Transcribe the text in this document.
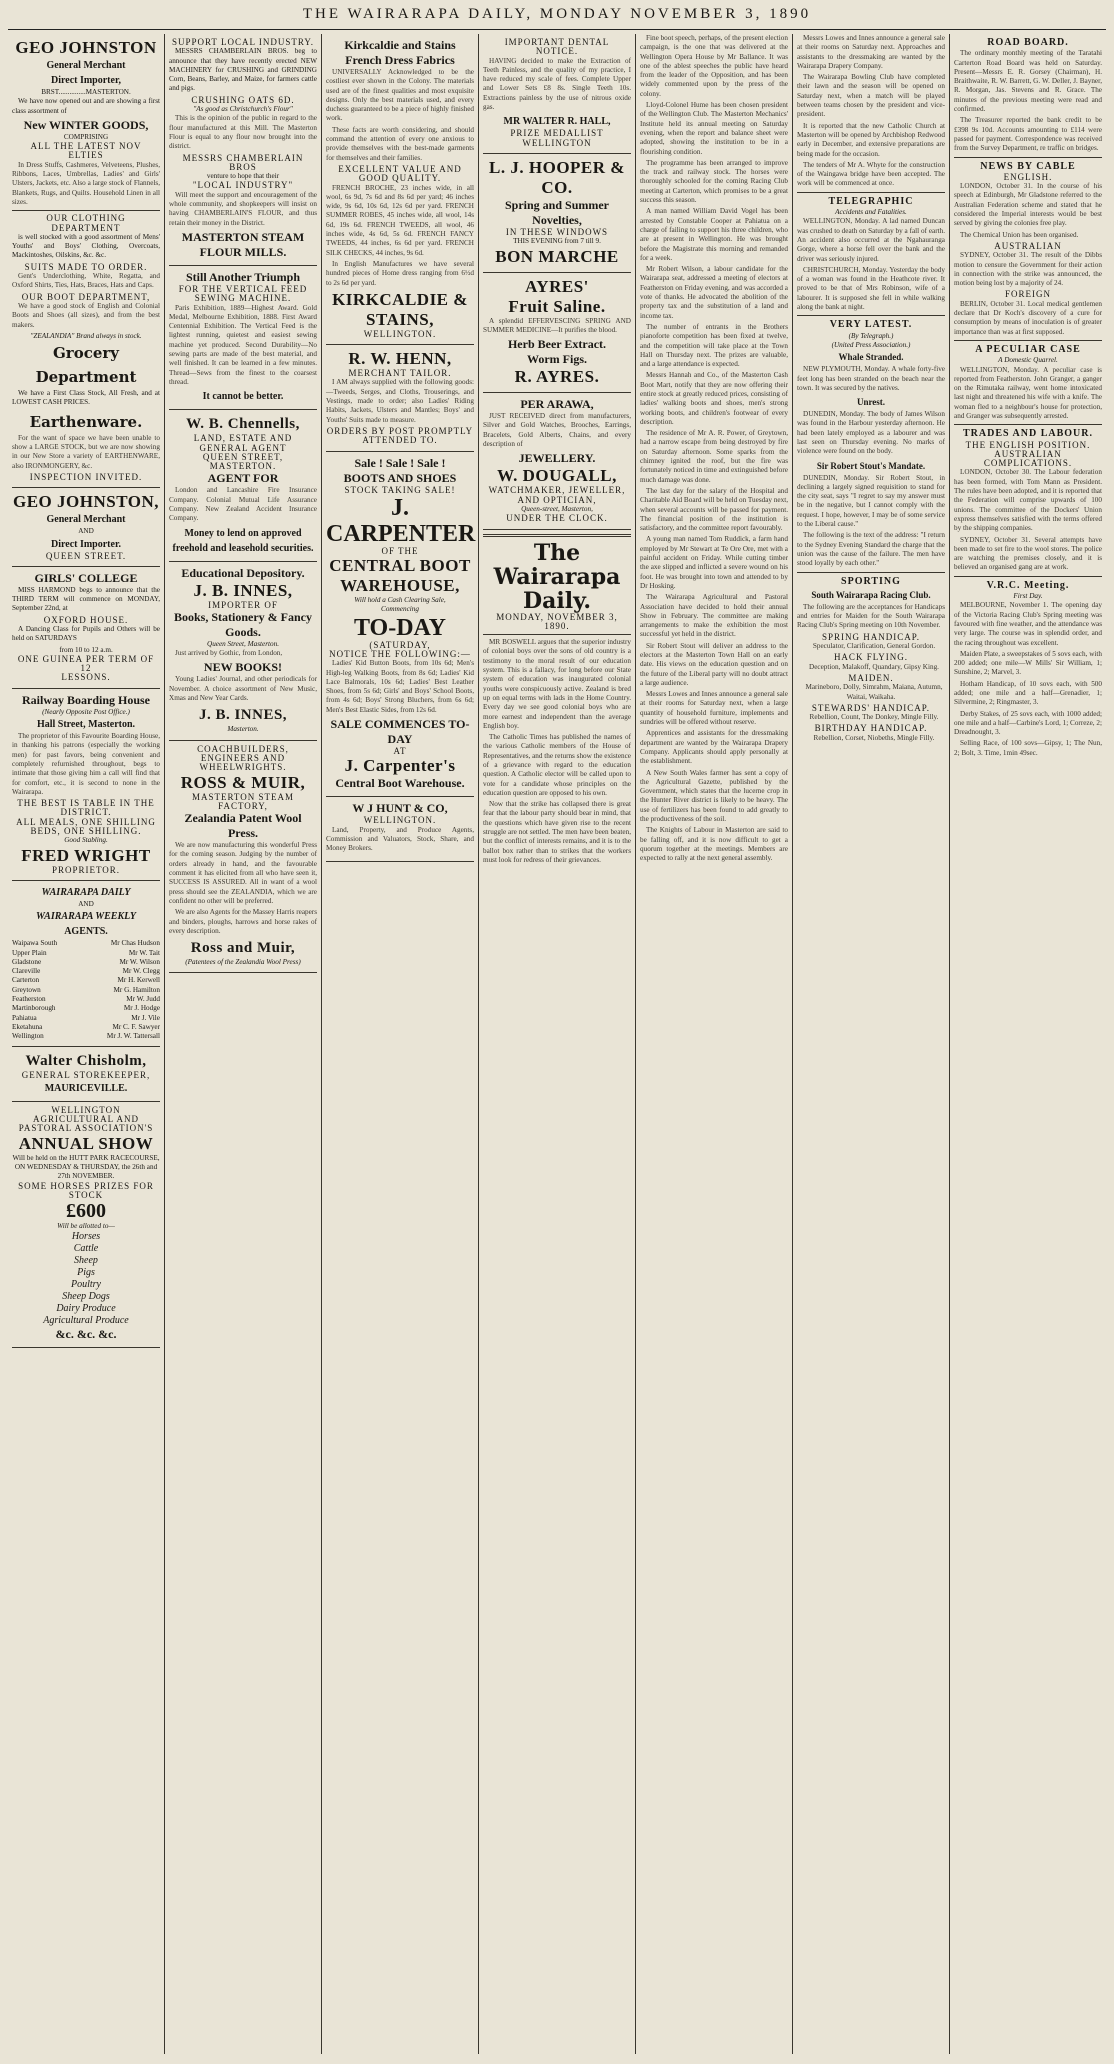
THE WAIRARAPA DAILY, MONDAY NOVEMBER 3, 1890
GEO JOHNSTON
General Merchant
Direct Importer,
BRST...............MASTERTON.

We have now opened out and are showing a first class assortment of

New WINTER GOODS,
COMPRISING
ALL THE LATEST NOV ELTIES

In Dress Stuffs, Cashmeres, Velveteens, Plushes, Ribbons, Laces, Umbrellas, Ladies' and Girls' Ulsters, Jackets, etc. Also a large stock of Flannels, Blankets, Rugs, and Quilts. Household Linen in all sizes.

OUR CLOTHING DEPARTMENT

is well stocked with a good assortment of Mens' Youths' and Boys' Clothing, Overcoats, Mackintoshes, Oilskins, &c. &c.

SUITS MADE TO ORDER.

Gent's Underclothing, White, Regatta, and Oxford Shirts, Ties, Hats, Braces, Hats and Caps.

OUR BOOT DEPARTMENT,

We have a good stock of English and Colonial Boots and Shoes (all sizes), and from the best makers.

"ZEALANDIA" Brand always in stock.
Grocery Department

We have a First Class Stock, All Fresh, and at LOWEST CASH PRICES.

Earthenware.

For the want of space we have been unable to show a LARGE STOCK, but we are now showing in our New Store a variety of EARTHENWARE, also IRONMONGERY, &c.

INSPECTION INVITED.
GEO JOHNSTON,
General Merchant
AND
Direct Importer.
QUEEN STREET.
GIRLS' COLLEGE

MISS HARMOND begs to announce that the THIRD TERM will commence on MONDAY, September 22nd, at

OXFORD HOUSE.

A Dancing Class for Pupils and Others will be held on SATURDAYS

from 10 to 12 a.m.
ONE GUINEA PER TERM OF 12
LESSONS.
Railway Boarding House
(Nearly Opposite Post Office.)
Hall Street, Masterton.

The proprietor of this Favourite Boarding House, in thanking his patrons (especially the working men) for past favors, being convenient and completely refurnished throughout, begs to intimate that those giving him a call will find that for comfort, etc., it is second to none in the Wairarapa.

THE BEST IS TABLE IN THE DISTRICT.
ALL MEALS, ONE SHILLING BEDS, ONE SHILLING.
Good Stabling.
FRED WRIGHT
PROPRIETOR.
WAIRARAPA DAILY
AND
WAIRARAPA WEEKLY
AGENTS.
Waipawa South	Mr Chas Hudson
Upper Plain	Mr W. Tait
Gladstone	Mr W. Wilson
Clareville	Mr W. Clegg
Carterton	Mr H. Kerwell
Greytown	Mr G. Hamilton
Featherston	Mr W. Judd
Martinborough	Mr J. Hodge
Pahiatua	Mr J. Vile
Eketahuna	Mr C. F. Sawyer
Wellington	Mr J. W. Tattersall
Walter Chisholm,
GENERAL STOREKEEPER,
MAURICEVILLE.
WELLINGTON AGRICULTURAL AND PASTORAL ASSOCIATION'S
ANNUAL SHOW
Will be held on the HUTT PARK RACECOURSE,
ON WEDNESDAY & THURSDAY, the 26th and 27th NOVEMBER.
SOME HORSES PRIZES FOR STOCK
£600
Will be allotted to—
Horses
Cattle
Sheep
Pigs
Poultry
Sheep Dogs
Dairy Produce
Agricultural Produce
&c. &c. &c.
SUPPORT LOCAL INDUSTRY.

MESSRS CHAMBERLAIN BROS. beg to announce that they have recently erected NEW MACHINERY for CRUSHING and GRINDING Corn, Beans, Barley, and Maize, for farmers cattle and pigs.

CRUSHING OATS 6D.
"As good as Christchurch's Flour"

This is the opinion of the public in regard to the flour manufactured at this Mill. The Masterton Flour is equal to any flour now brought into the district.

MESSRS CHAMBERLAIN BROS
venture to hope that their
"LOCAL INDUSTRY"

Will meet the support and encouragement of the whole community, and shopkeepers will insist on having CHAMBERLAIN'S FLOUR, and thus retain their money in the District.

MASTERTON STEAM FLOUR MILLS.
Still Another Triumph
FOR THE VERTICAL FEED SEWING MACHINE.

Paris Exhibition, 1889—Highest Award. Gold Medal, Melbourne Exhibition, 1888. First Award Centennial Exhibition. The Vertical Feed is the lightest running, quietest and easiest sewing machine yet produced. Second Durability—No sewing parts are made of the best material, and well finished. It can be learned in a few minutes. Thread—Sews from the finest to the coarsest thread.

It cannot be better.
W. B. Chennells,
LAND, ESTATE AND GENERAL AGENT
QUEEN STREET, MASTERTON.
AGENT FOR

London and Lancashire Fire Insurance Company. Colonial Mutual Life Assurance Company. New Zealand Accident Insurance Company.

Money to lend on approved freehold and leasehold securities.
Educational Depository.
J. B. INNES,
IMPORTER OF
Books, Stationery & Fancy Goods.
Queen Street, Masterton.

Just arrived by Gothic, from London,

NEW BOOKS!

Young Ladies' Journal, and other periodicals for November. A choice assortment of New Music, Xmas and New Year Cards.

J. B. INNES,
Masterton.
COACHBUILDERS, ENGINEERS AND WHEELWRIGHTS.
ROSS & MUIR,
MASTERTON STEAM FACTORY,
Zealandia Patent Wool Press.

We are now manufacturing this wonderful Press for the coming season. Judging by the number of orders already in hand, and the favourable comment it has elicited from all who have seen it, SUCCESS IS ASSURED. All in want of a wool press should see the ZEALANDIA, which we are confident no other will be preferred.

We are also Agents for the Massey Harris reapers and binders, ploughs, harrows and horse rakes of every description.

Ross and Muir,
(Patentees of the Zealandia Wool Press)
Kirkcaldie and Stains
French Dress Fabrics

UNIVERSALLY Acknowledged to be the costliest ever shown in the Colony. The materials used are of the finest qualities and most exquisite designs. Only the best materials used, and every duchess guaranteed to be a piece of highly finished work.

These facts are worth considering, and should command the attention of every one anxious to provide themselves with the best-made garments for themselves and their families.

EXCELLENT VALUE AND GOOD QUALITY.

FRENCH BROCHE, 23 inches wide, in all wool, 6s 9d, 7s 6d and 8s 6d per yard; 46 inches wide, 9s 6d, 10s 6d, 12s 6d per yard. FRENCH SUMMER ROBES, 45 inches wide, all wool, 14s 6d, 19s 6d. FRENCH TWEEDS, all wool, 46 inches wide, 4s 6d, 5s 6d. FRENCH FANCY TWEEDS, 44 inches, 6s 6d per yard. FRENCH SILK CHECKS, 44 inches, 9s 6d.

In English Manufactures we have several hundred pieces of Home dress ranging from 6½d to 2s 6d per yard.

KIRKCALDIE & STAINS,
WELLINGTON.
R. W. HENN,
MERCHANT TAILOR.

I AM always supplied with the following goods:—Tweeds, Serges, and Cloths, Trouserings, and Vestings, made to order; also Ladies' Riding Habits, Jackets, Ulsters and Mantles; Boys' and Youths' Suits made to measure.

ORDERS BY POST PROMPTLY ATTENDED TO.
Sale ! Sale ! Sale !
BOOTS AND SHOES
STOCK TAKING SALE!
J. CARPENTER
OF THE
CENTRAL BOOT WAREHOUSE,
Will hold a Cash Clearing Sale,
Commencing
TO-DAY
(SATURDAY,
NOTICE THE FOLLOWING:—

Ladies' Kid Button Boots, from 10s 6d; Men's High-leg Walking Boots, from 8s 6d; Ladies' Kid Lace Balmorals, 10s 6d; Ladies' Best Leather Shoes, from 5s 6d; Girls' and Boys' School Boots, from 4s 6d; Boys' Strong Bluchers, from 6s 6d; Men's Best Elastic Sides, from 12s 6d.

SALE COMMENCES TO-DAY
AT
J. Carpenter's
Central Boot Warehouse.
W J HUNT & CO,
WELLINGTON.

Land, Property, and Produce Agents, Commission and Valuators, Stock, Share, and Money Brokers.

IMPORTANT DENTAL NOTICE.

HAVING decided to make the Extraction of Teeth Painless, and the quality of my practice, I have reduced my scale of fees. Complete Upper and Lower Sets £8 8s. Single Teeth 10s. Extractions painless by the use of nitrous oxide gas.

MR WALTER R. HALL,
PRIZE MEDALLIST
WELLINGTON
L. J. HOOPER & CO.
Spring and Summer
Novelties,
IN THESE WINDOWS
THIS EVENING from 7 till 9.
BON MARCHE
AYRES'
Fruit Saline.

A splendid EFFERVESCING SPRING AND SUMMER MEDICINE—It purifies the blood.

Herb Beer Extract.
Worm Figs.
R. AYRES.
PER ARAWA,

JUST RECEIVED direct from manufacturers, Silver and Gold Watches, Brooches, Earrings, Bracelets, Gold Alberts, Chains, and every description of

JEWELLERY.
W. DOUGALL,
WATCHMAKER, JEWELLER, AND OPTICIAN,
Queen-street, Masterton,
UNDER THE CLOCK.
The Wairarapa Daily.
MONDAY, NOVEMBER 3, 1890.

MR BOSWELL argues that the superior industry of colonial boys over the sons of old country is a testimony to the moral result of our education system. This is a fallacy, for long before our State system of education was inaugurated colonial youths were conspicuously active. Zealand is bred up on equal terms with lads in the Home Country. Every day we see good colonial boys who are more earnest and independent than the average English boy.

The Catholic Times has published the names of the various Catholic members of the House of Representatives, and the returns show the existence of a grievance with regard to the education question. A Catholic elector will be called upon to vote for a candidate whose principles on the education question are opposed to his own.

Now that the strike has collapsed there is great fear that the labour party should bear in mind, that the questions which have given rise to the recent struggle are not settled. The men have been beaten, but the conflict of interests remains, and it is to the ballot box rather than to strikes that the workers must look for redress of their grievances.

Fine boot speech, perhaps, of the present election campaign, is the one that was delivered at the Wellington Opera House by Mr Ballance. It was one of the ablest speeches the public have heard from the leader of the Opposition, and has been widely commented upon by the press of the colony.

Lloyd-Colonel Hume has been chosen president of the Wellington Club. The Masterton Mechanics' Institute held its annual meeting on Saturday evening, when the report and balance sheet were adopted, showing the institution to be in a flourishing condition.

The programme has been arranged to improve the track and railway stock. The horses were thoroughly schooled for the coming Racing Club meeting at Carterton, which promises to be a great success this season.

A man named William David Vogel has been arrested by Constable Cooper at Pahiatua on a charge of failing to support his three children, who are at present in Wellington. He was brought before the Magistrate this morning and remanded for a week.

Mr Robert Wilson, a labour candidate for the Wairarapa seat, addressed a meeting of electors at Featherston on Friday evening, and was accorded a vote of thanks. He advocated the abolition of the property tax and the substitution of a land and income tax.

The number of entrants in the Brothers pianoforte competition has been fixed at twelve, and the competition will take place at the Town Hall on Thursday next. The prizes are valuable, and a large attendance is expected.

Messrs Hannah and Co., of the Masterton Cash Boot Mart, notify that they are now offering their entire stock at greatly reduced prices, consisting of ladies' walking boots and shoes, men's strong working boots, and children's footwear of every description.

The residence of Mr A. R. Power, of Greytown, had a narrow escape from being destroyed by fire on Saturday afternoon. Some sparks from the chimney ignited the roof, but the fire was fortunately noticed in time and extinguished before much damage was done.

The last day for the salary of the Hospital and Charitable Aid Board will be held on Tuesday next, when several accounts will be passed for payment. The financial position of the institution is satisfactory, and the committee report favourably.

A young man named Tom Ruddick, a farm hand employed by Mr Stewart at Te Ore Ore, met with a painful accident on Friday. While cutting timber the axe slipped and inflicted a severe wound on his foot. He was brought into town and attended to by Dr Hosking.

The Wairarapa Agricultural and Pastoral Association have decided to hold their annual Show in February. The committee are making arrangements to make the exhibition the most successful yet held in the district.

Sir Robert Stout will deliver an address to the electors at the Masterton Town Hall on an early date. His views on the education question and on the future of the Liberal party will no doubt attract a large audience.

Messrs Lowes and Innes announce a general sale at their rooms for Saturday next, when a large quantity of household furniture, implements and sundries will be offered without reserve.

Apprentices and assistants for the dressmaking department are wanted by the Wairarapa Drapery Company. Applicants should apply personally at the establishment.

A New South Wales farmer has sent a copy of the Agricultural Gazette, published by the Government, which states that the lucerne crop in the Hunter River district is likely to be heavy. The use of fertilizers has been found to add greatly to the productiveness of the soil.

The Knights of Labour in Masterton are said to be falling off, and it is now difficult to get a quorum together at the meetings. Members are expected to rally at the next general assembly.

Messrs Lowes and Innes announce a general sale at their rooms on Saturday next. Approaches and assistants to the dressmaking are wanted by the Wairarapa Drapery Company.

The Wairarapa Bowling Club have completed their lawn and the season will be opened on Saturday next, when a match will be played between teams chosen by the president and vice-president.

It is reported that the new Catholic Church at Masterton will be opened by Archbishop Redwood early in December, and extensive preparations are being made for the occasion.

The tenders of Mr A. Whyte for the construction of the Waingawa bridge have been accepted. The work will be commenced at once.

TELEGRAPHIC
Accidents and Fatalities.

WELLINGTON, Monday. A lad named Duncan was crushed to death on Saturday by a fall of earth. An accident also occurred at the Ngahauranga Gorge, where a horse fell over the bank and the driver was seriously injured.

CHRISTCHURCH, Monday. Yesterday the body of a woman was found in the Heathcote river. It proved to be that of Mrs Robinson, wife of a labourer. It is supposed she fell in while walking along the bank at night.

VERY LATEST.
(By Telegraph.)
(United Press Association.)
Whale Stranded.

NEW PLYMOUTH, Monday. A whale forty-five feet long has been stranded on the beach near the town. It was secured by the natives.

Unrest.

DUNEDIN, Monday. The body of James Wilson was found in the Harbour yesterday afternoon. He had been lately employed as a labourer and was last seen on Thursday evening. No marks of violence were found on the body.

Sir Robert Stout's Mandate.

DUNEDIN, Monday. Sir Robert Stout, in declining a largely signed requisition to stand for the city seat, says "I regret to say my answer must be in the negative, but I cannot comply with the request. I hope, however, I may be of some service to the Liberal cause."

The following is the text of the address: "I return to the Sydney Evening Standard the charge that the union was the cause of the failure. The men have stood loyally by each other."

SPORTING
South Wairarapa Racing Club.

The following are the acceptances for Handicaps and entries for Maiden for the South Wairarapa Racing Club's Spring meeting on 10th November.

SPRING HANDICAP.

Speculator, Clarification, General Gordon.

HACK FLYING.

Deception, Malakoff, Quandary, Gipsy King.

MAIDEN.

Marineboro, Dolly, Simrahm, Maiana, Autumn, Waitai, Waikaha.

STEWARDS' HANDICAP.

Rebellion, Count, The Donkey, Mingle Filly.

BIRTHDAY HANDICAP.

Rebellion, Corset, Niobeths, Mingle Filly.

ROAD BOARD.

The ordinary monthly meeting of the Taratahi Carterton Road Board was held on Saturday. Present—Messrs E. R. Gorsey (Chairman), H. Braithwaite, R. W. Barrett, G. W. Deller, J. Bayner, R. Morgan, Jas. Stevens and R. Grace. The minutes of the previous meeting were read and confirmed.

The Treasurer reported the bank credit to be £398 9s 10d. Accounts amounting to £114 were passed for payment. Correspondence was received from the Survey Department, re traffic on bridges.

NEWS BY CABLE
ENGLISH.

LONDON, October 31. In the course of his speech at Edinburgh, Mr Gladstone referred to the Australian Federation scheme and stated that he considered the Imperial interests would be best served by giving the colonies free play.

The Chemical Union has been organised.

AUSTRALIAN

SYDNEY, October 31. The result of the Dibbs motion to censure the Government for their action in connection with the strike was announced, the motion being lost by a majority of 24.

FOREIGN

BERLIN, October 31. Local medical gentlemen declare that Dr Koch's discovery of a cure for consumption by means of inoculation is of greater importance than was at first supposed.

A PECULIAR CASE
A Domestic Quarrel.

WELLINGTON, Monday. A peculiar case is reported from Featherston. John Granger, a ganger on the Rimutaka railway, went home intoxicated last night and threatened his wife with a knife. The woman fled to a neighbour's house for protection, and Granger was subsequently arrested.

TRADES AND LABOUR.
THE ENGLISH POSITION.
AUSTRALIAN COMPLICATIONS.

LONDON, October 30. The Labour federation has been formed, with Tom Mann as President. The rules have been adopted, and it is reported that the Federation will comprise upwards of 100 unions. The committee of the Dockers' Union express themselves satisfied with the terms offered by the shipping companies.

SYDNEY, October 31. Several attempts have been made to set fire to the wool stores. The police are watching the premises closely, and it is believed an organised gang are at work.

V.R.C. Meeting.
First Day.

MELBOURNE, November 1. The opening day of the Victoria Racing Club's Spring meeting was favoured with fine weather, and the attendance was very large. The course was in splendid order, and the racing throughout was excellent.

Maiden Plate, a sweepstakes of 5 sovs each, with 200 added; one mile—W Mills' Sir William, 1; Sunshine, 2; Marvel, 3.

Hotham Handicap, of 10 sovs each, with 500 added; one mile and a half—Grenadier, 1; Silvermine, 2; Ringmaster, 3.

Derby Stakes, of 25 sovs each, with 1000 added; one mile and a half—Carbine's Lord, 1; Correze, 2; Dreadnought, 3.

Selling Race, of 100 sovs—Gipsy, 1; The Nun, 2; Bolt, 3. Time, 1min 49sec.
